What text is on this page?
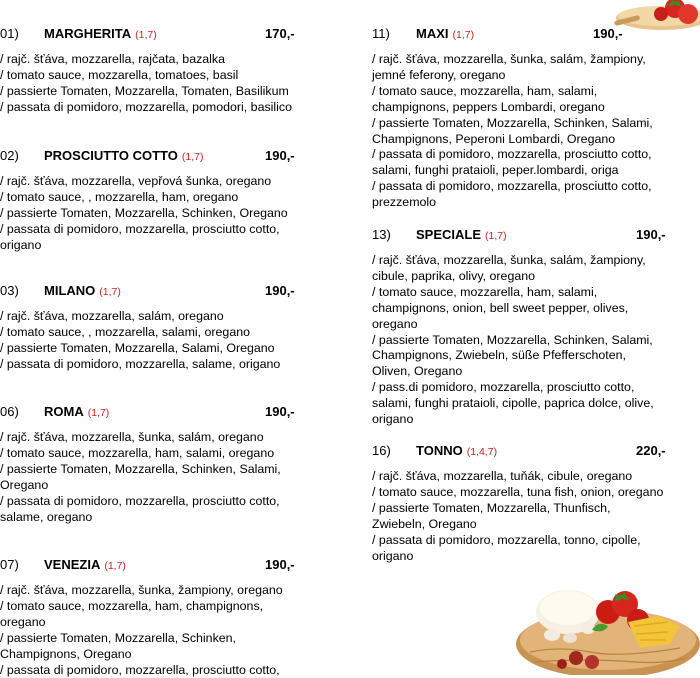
01) MARGHERITA (1,7)	170,-
/ rajč. šťáva, mozzarella, rajčata, bazalka
/ tomato sauce, mozzarella, tomatoes, basil
/ passierte Tomaten, Mozzarella, Tomaten, Basilikum
/ passata di pomidoro, mozzarella, pomodori, basilico
02) PROSCIUTTO COTTO (1,7)	190,-
/ rajč. šťáva, mozzarella, vepřová šunka, oregano
/ tomato sauce, , mozzarella, ham, oregano
/ passierte Tomaten, Mozzarella, Schinken, Oregano
/ passata di pomidoro, mozzarella, prosciutto cotto,
origano
03) MILANO (1,7)	190,-
/ rajč. šťáva, mozzarella, salám, oregano
/ tomato sauce, , mozzarella, salami, oregano
/ passierte Tomaten, Mozzarella, Salami, Oregano
/ passata di pomidoro, mozzarella, salame, origano
06) ROMA (1,7)	190,-
/ rajč. šťáva, mozzarella, šunka, salám, oregano
/ tomato sauce, mozzarella, ham, salami, oregano
/ passierte Tomaten, Mozzarella, Schinken, Salami,
Oregano
/ passata di pomidoro, mozzarella, prosciutto cotto,
salame, oregano
07) VENEZIA (1,7)	190,-
/ rajč. šťáva, mozzarella, šunka, žampiony, oregano
/ tomato sauce, mozzarella, ham, champignons,
oregano
/ passierte Tomaten, Mozzarella, Schinken,
Champignons, Oregano
/ passata di pomidoro, mozzarella, prosciutto cotto,
11) MAXI (1,7)	190,-
/ rajč. šťáva, mozzarella, šunka, salám, žampiony,
jemné feferony, oregano
/ tomato sauce, mozzarella, ham, salami,
champignons, peppers Lombardi, oregano
/ passierte Tomaten, Mozzarella, Schinken, Salami,
Champignons, Peperoni Lombardi, Oregano
/ passata di pomidoro, mozzarella, prosciutto cotto,
salami, funghi prataioli, peper.lombardi, origa
/ passata di pomidoro, mozzarella, prosciutto cotto,
prezzemolo
13) SPECIALE (1,7)	190,-
/ rajč. šťáva, mozzarella, šunka, salám, žampiony,
cibule, paprika, olivy, oregano
/ tomato sauce, mozzarella, ham, salami,
champignons, onion, bell sweet pepper, olives,
oregano
/ passierte Tomaten, Mozzarella, Schinken, Salami,
Champignons, Zwiebeln, süße Pfefferschoten,
Oliven, Oregano
/ pass.di pomidoro, mozzarella, prosciutto cotto,
salami, funghi prataioli, cipolle, paprica dolce, olive,
origano
16) TONNO (1,4,7)	220,-
/ rajč. šťáva, mozzarella, tuňák, cibule, oregano
/ tomato sauce, mozzarella, tuna fish, onion, oregano
/ passierte Tomaten, Mozzarella, Thunfisch,
Zwiebeln, Oregano
/ passata di pomidoro, mozzarella, tonno, cipolle,
origano
